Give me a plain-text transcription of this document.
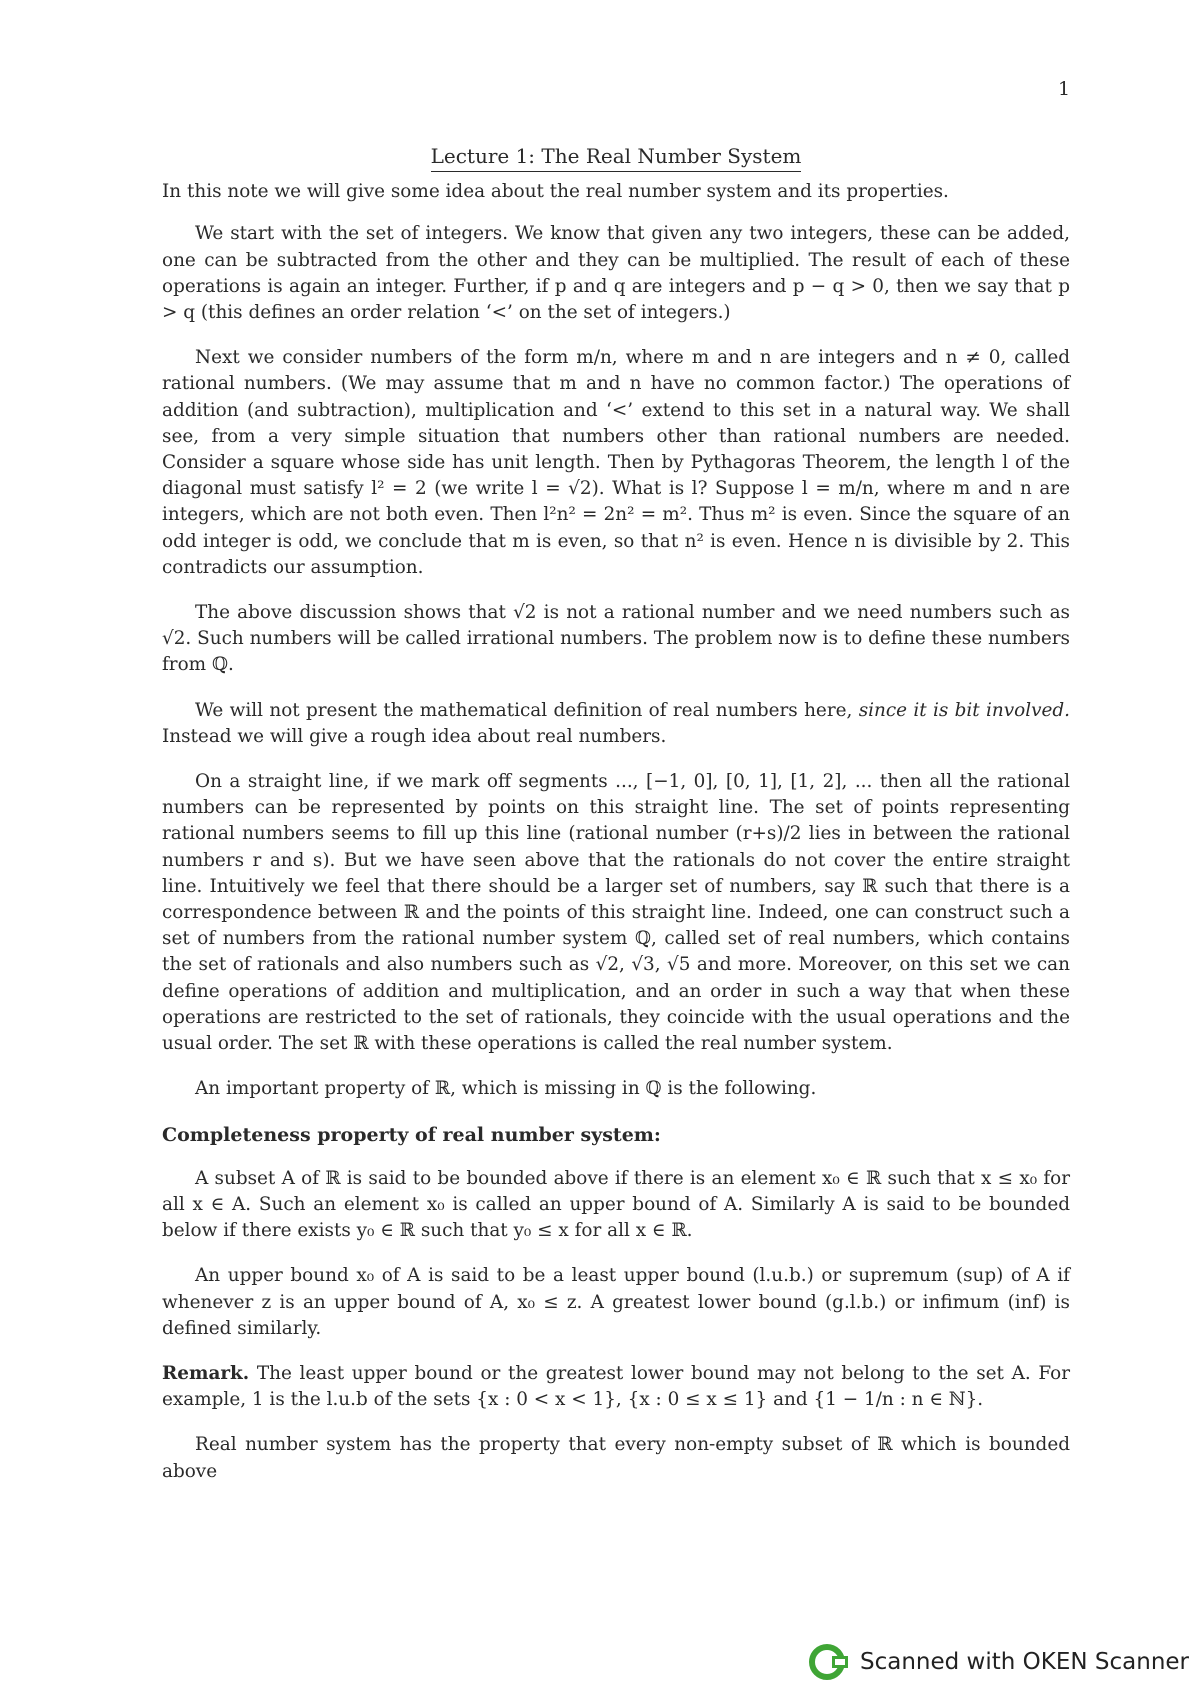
1
Lecture 1: The Real Number System

In this note we will give some idea about the real number system and its properties.

We start with the set of integers. We know that given any two integers, these can be added, one can be subtracted from the other and they can be multiplied. The result of each of these operations is again an integer. Further, if p and q are integers and p − q > 0, then we say that p > q (this defines an order relation ‘<’ on the set of integers.)

Next we consider numbers of the form m/n, where m and n are integers and n ≠ 0, called rational numbers. (We may assume that m and n have no common factor.) The operations of addition (and subtraction), multiplication and ‘<’ extend to this set in a natural way. We shall see, from a very simple situation that numbers other than rational numbers are needed. Consider a square whose side has unit length. Then by Pythagoras Theorem, the length l of the diagonal must satisfy l² = 2 (we write l = √2). What is l? Suppose l = m/n, where m and n are integers, which are not both even. Then l²n² = 2n² = m². Thus m² is even. Since the square of an odd integer is odd, we conclude that m is even, so that n² is even. Hence n is divisible by 2. This contradicts our assumption.

The above discussion shows that √2 is not a rational number and we need numbers such as √2. Such numbers will be called irrational numbers. The problem now is to define these numbers from ℚ.

We will not present the mathematical definition of real numbers here, since it is bit involved. Instead we will give a rough idea about real numbers.

On a straight line, if we mark off segments ..., [−1, 0], [0, 1], [1, 2], ... then all the rational numbers can be represented by points on this straight line. The set of points representing rational numbers seems to fill up this line (rational number (r+s)/2 lies in between the rational numbers r and s). But we have seen above that the rationals do not cover the entire straight line. Intuitively we feel that there should be a larger set of numbers, say ℝ such that there is a correspondence between ℝ and the points of this straight line. Indeed, one can construct such a set of numbers from the rational number system ℚ, called set of real numbers, which contains the set of rationals and also numbers such as √2, √3, √5 and more. Moreover, on this set we can define operations of addition and multiplication, and an order in such a way that when these operations are restricted to the set of rationals, they coincide with the usual operations and the usual order. The set ℝ with these operations is called the real number system.

An important property of ℝ, which is missing in ℚ is the following.

Completeness property of real number system:

A subset A of ℝ is said to be bounded above if there is an element x₀ ∈ ℝ such that x ≤ x₀ for all x ∈ A. Such an element x₀ is called an upper bound of A. Similarly A is said to be bounded below if there exists y₀ ∈ ℝ such that y₀ ≤ x for all x ∈ ℝ.

An upper bound x₀ of A is said to be a least upper bound (l.u.b.) or supremum (sup) of A if whenever z is an upper bound of A, x₀ ≤ z. A greatest lower bound (g.l.b.) or infimum (inf) is defined similarly.

Remark. The least upper bound or the greatest lower bound may not belong to the set A. For example, 1 is the l.u.b of the sets {x : 0 < x < 1}, {x : 0 ≤ x ≤ 1} and {1 − 1/n : n ∈ ℕ}.

Real number system has the property that every non-empty subset of ℝ which is bounded above

Scanned with OKEN Scanner
